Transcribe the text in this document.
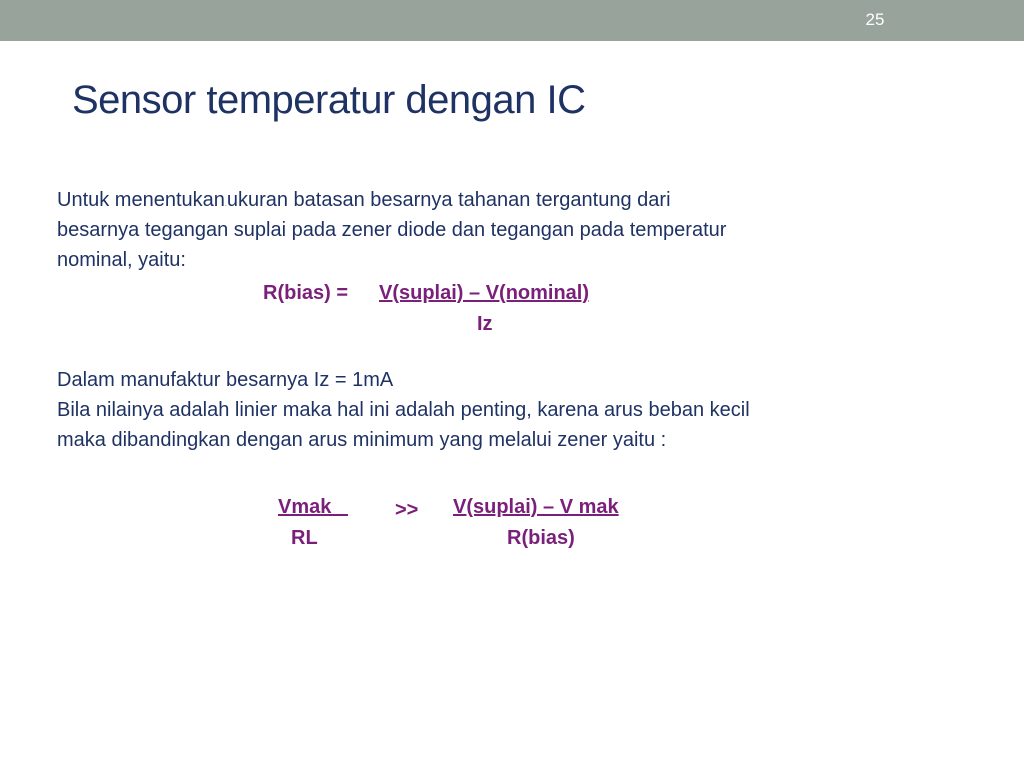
25
Sensor temperatur dengan IC
Untuk menentukan.ukuran batasan besarnya tahanan tergantung dari
besarnya tegangan suplai pada zener diode dan tegangan pada temperatur
nominal, yaitu:
Dalam manufaktur besarnya Iz = 1mA
Bila nilainya adalah linier maka hal ini adalah penting, karena arus beban kecil
maka dibandingkan dengan arus minimum yang melalui zener yaitu :
R(bias) = V(suplai) – V(nominal)
Iz
Vmak >> V(suplai) – V mak
RL	R(bias)
